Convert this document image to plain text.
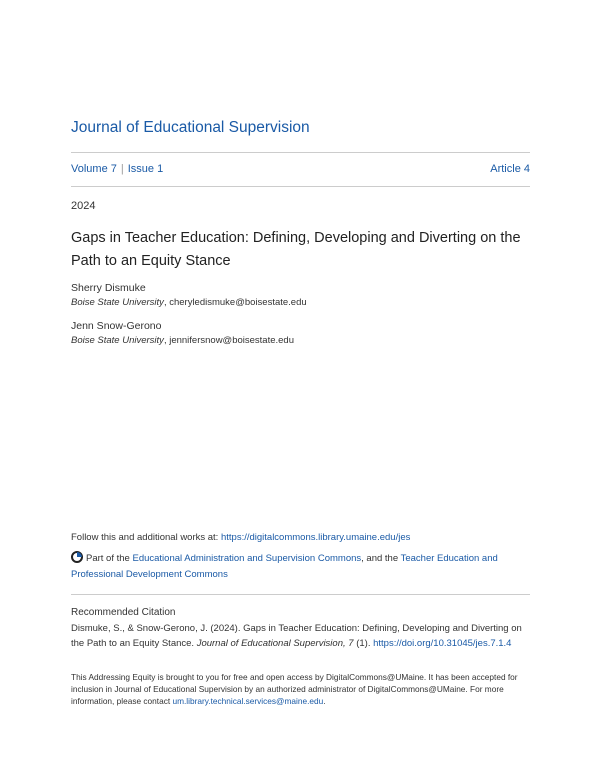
Journal of Educational Supervision
Volume 7 | Issue 1	Article 4
2024
Gaps in Teacher Education: Defining, Developing and Diverting on the Path to an Equity Stance
Sherry Dismuke
Boise State University, cheryledismuke@boisestate.edu
Jenn Snow-Gerono
Boise State University, jennifersnow@boisestate.edu
Follow this and additional works at: https://digitalcommons.library.umaine.edu/jes
Part of the Educational Administration and Supervision Commons, and the Teacher Education and Professional Development Commons
Recommended Citation
Dismuke, S., & Snow-Gerono, J. (2024). Gaps in Teacher Education: Defining, Developing and Diverting on the Path to an Equity Stance. Journal of Educational Supervision, 7 (1). https://doi.org/10.31045/jes.7.1.4
This Addressing Equity is brought to you for free and open access by DigitalCommons@UMaine. It has been accepted for inclusion in Journal of Educational Supervision by an authorized administrator of DigitalCommons@UMaine. For more information, please contact um.library.technical.services@maine.edu.
